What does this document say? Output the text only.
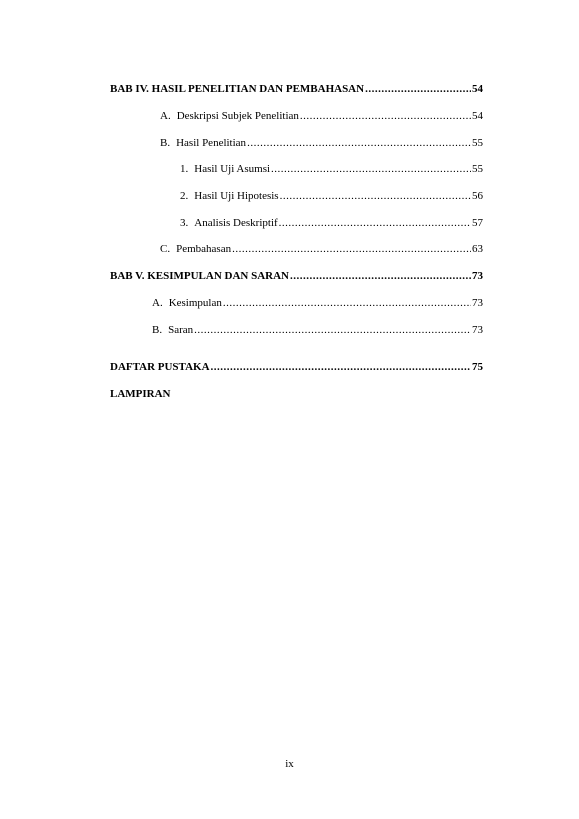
BAB IV. HASIL PENELITIAN DAN PEMBAHASAN .....	54
A. Deskripsi Subjek Penelitian .....	54
B. Hasil Penelitian .....	55
1. Hasil Uji Asumsi .....	55
2. Hasil Uji Hipotesis .....	56
3. Analisis Deskriptif .....	57
C. Pembahasan .....	63
BAB V. KESIMPULAN DAN SARAN .....	73
A. Kesimpulan .....	73
B. Saran .....	73
DAFTAR PUSTAKA .....	75
LAMPIRAN
ix
